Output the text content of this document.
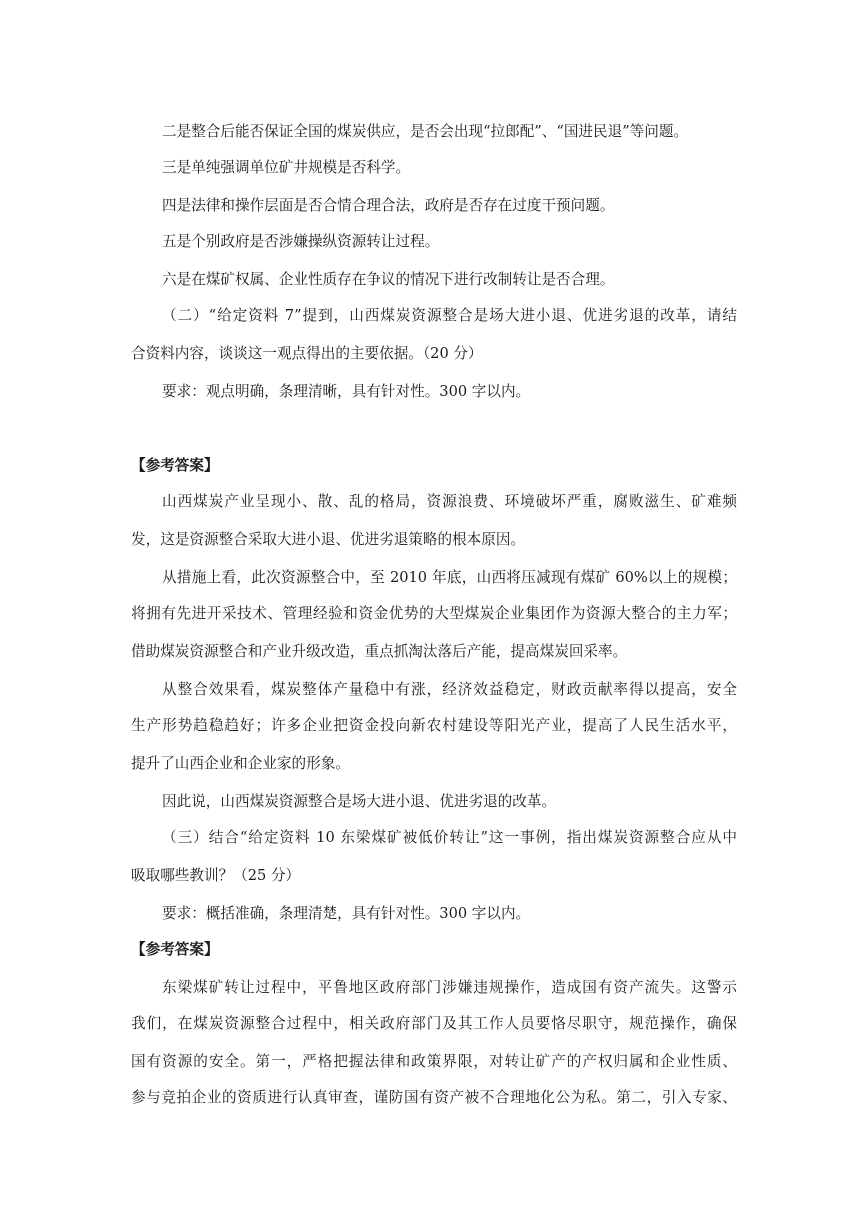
二是整合后能否保证全国的煤炭供应，是否会出现“拉郎配”、“国进民退”等问题。

三是单纯强调单位矿井规模是否科学。

四是法律和操作层面是否合情合理合法，政府是否存在过度干预问题。

五是个别政府是否涉嫌操纵资源转让过程。

六是在煤矿权属、企业性质存在争议的情况下进行改制转让是否合理。

（二）“给定资料 7”提到，山西煤炭资源整合是场大进小退、优进劣退的改革，请结

合资料内容，谈谈这一观点得出的主要依据。（20 分）

要求：观点明确，条理清晰，具有针对性。300 字以内。

【参考答案】

山西煤炭产业呈现小、散、乱的格局，资源浪费、环境破坏严重，腐败滋生、矿难频

发，这是资源整合采取大进小退、优进劣退策略的根本原因。

从措施上看，此次资源整合中，至 2010 年底，山西将压减现有煤矿 60%以上的规模；

将拥有先进开采技术、管理经验和资金优势的大型煤炭企业集团作为资源大整合的主力军；

借助煤炭资源整合和产业升级改造，重点抓淘汰落后产能，提高煤炭回采率。

从整合效果看，煤炭整体产量稳中有涨，经济效益稳定，财政贡献率得以提高，安全

生产形势趋稳趋好；许多企业把资金投向新农村建设等阳光产业，提高了人民生活水平，

提升了山西企业和企业家的形象。

因此说，山西煤炭资源整合是场大进小退、优进劣退的改革。

（三）结合“给定资料 10 东梁煤矿被低价转让”这一事例，指出煤炭资源整合应从中

吸取哪些教训？（25 分）

要求：概括准确，条理清楚，具有针对性。300 字以内。

【参考答案】

东梁煤矿转让过程中，平鲁地区政府部门涉嫌违规操作，造成国有资产流失。这警示

我们，在煤炭资源整合过程中，相关政府部门及其工作人员要恪尽职守，规范操作，确保

国有资源的安全。第一，严格把握法律和政策界限，对转让矿产的产权归属和企业性质、

参与竞拍企业的资质进行认真审查，谨防国有资产被不合理地化公为私。第二，引入专家、
